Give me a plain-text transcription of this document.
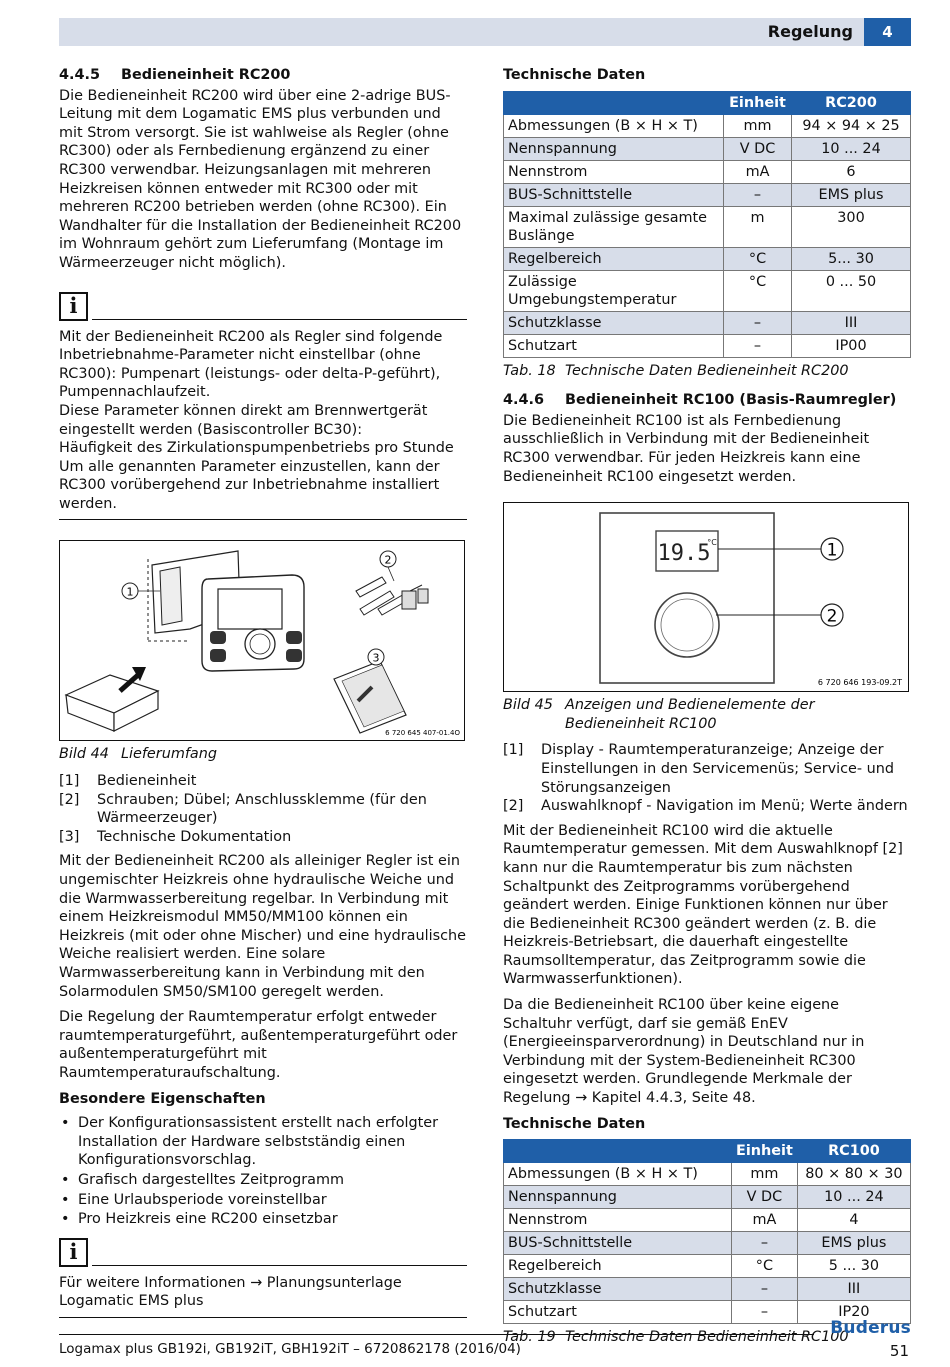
Regelung	4
4.4.5 Bedieneinheit RC200

Die Bedieneinheit RC200 wird über eine 2-adrige BUS-Leitung mit dem Logamatic EMS plus verbunden und mit Strom versorgt. Sie ist wahlweise als Regler (ohne RC300) oder als Fernbedienung ergänzend zu einer RC300 verwendbar. Heizungsanlagen mit mehreren Heizkreisen können entweder mit RC300 oder mit mehreren RC200 betrieben werden (ohne RC300). Ein Wandhalter für die Installation der Bedieneinheit RC200 im Wohnraum gehört zum Lieferumfang (Montage im Wärmeerzeuger nicht möglich).

i

Mit der Bedieneinheit RC200 als Regler sind folgende Inbetriebnahme-Parameter nicht einstellbar (ohne RC300): Pumpenart (leistungs- oder delta-P-geführt), Pumpennachlaufzeit.

Diese Parameter können direkt am Brennwertgerät eingestellt werden (Basiscontroller BC30):

Häufigkeit des Zirkulationspumpenbetriebs pro Stunde

Um alle genannten Parameter einzustellen, kann der RC300 vorübergehend zur Inbetriebnahme installiert werden.

1
2
3
6 720 645 407-01.4O
Bild 44 Lieferumfang
[1]	Bedieneinheit
[2]	Schrauben; Dübel; Anschlussklemme (für den Wärmeerzeuger)
[3]	Technische Dokumentation

Mit der Bedieneinheit RC200 als alleiniger Regler ist ein ungemischter Heizkreis ohne hydraulische Weiche und die Warmwasserbereitung regelbar. In Verbindung mit einem Heizkreismodul MM50/MM100 können ein Heizkreis (mit oder ohne Mischer) und eine hydraulische Weiche realisiert werden. Eine solare Warmwasserbereitung kann in Verbindung mit den Solarmodulen SM50/SM100 geregelt werden.

Die Regelung der Raumtemperatur erfolgt entweder raumtemperaturgeführt, außentemperaturgeführt oder außentemperaturgeführt mit Raumtemperaturaufschaltung.

Besondere Eigenschaften
• Der Konfigurationsassistent erstellt nach erfolgter Installation der Hardware selbstständig einen Konfigurationsvorschlag.
• Grafisch dargestelltes Zeitprogramm
• Eine Urlaubsperiode voreinstellbar
• Pro Heizkreis eine RC200 einsetzbar
i

Für weitere Informationen → Planungsunterlage Logamatic EMS plus

Technische Daten
	Einheit	RC200
Abmessungen (B × H × T)	mm	94 × 94 × 25
Nennspannung	V DC	10 ... 24
Nennstrom	mA	6
BUS-Schnittstelle	–	EMS plus
Maximal zulässige gesamte Buslänge	m	300
Regelbereich	°C	5... 30
Zulässige Umgebungstemperatur	°C	0 ... 50
Schutzklasse	–	III
Schutzart	–	IP00
Tab. 18 Technische Daten Bedieneinheit RC200
4.4.6 Bedieneinheit RC100 (Basis-Raumregler)

Die Bedieneinheit RC100 ist als Fernbedienung ausschließlich in Verbindung mit der Bedieneinheit RC300 verwendbar. Für jeden Heizkreis kann eine Bedieneinheit RC100 eingesetzt werden.

19.5
°C	1
2
6 720 646 193-09.2T
Bild 45 Anzeigen und Bedienelemente der Bedieneinheit RC100
[1]	Display - Raumtemperaturanzeige; Anzeige der Einstellungen in den Servicemenüs; Service- und Störungsanzeigen
[2]	Auswahlknopf - Navigation im Menü; Werte ändern

Mit der Bedieneinheit RC100 wird die aktuelle Raumtemperatur gemessen. Mit dem Auswahlknopf [2] kann nur die Raumtemperatur bis zum nächsten Schaltpunkt des Zeitprogramms vorübergehend geändert werden. Einige Funktionen können nur über die Bedieneinheit RC300 geändert werden (z. B. die Heizkreis-Betriebsart, die dauerhaft eingestellte Raumsolltemperatur, das Zeitprogramm sowie die Warmwasserfunktionen).

Da die Bedieneinheit RC100 über keine eigene Schaltuhr verfügt, darf sie gemäß EnEV (Energieeinsparverordnung) in Deutschland nur in Verbindung mit der System-Bedieneinheit RC300 eingesetzt werden. Grundlegende Merkmale der Regelung → Kapitel 4.4.3, Seite 48.

Technische Daten
	Einheit	RC100
Abmessungen (B × H × T)	mm	80 × 80 × 30
Nennspannung	V DC	10 ... 24
Nennstrom	mA	4
BUS-Schnittstelle	–	EMS plus
Regelbereich	°C	5 ... 30
Schutzklasse	–	III
Schutzart	–	IP20
Tab. 19 Technische Daten Bedieneinheit RC100
Buderus
Logamax plus GB192i, GB192iT, GBH192iT – 6720862178 (2016/04)	51
